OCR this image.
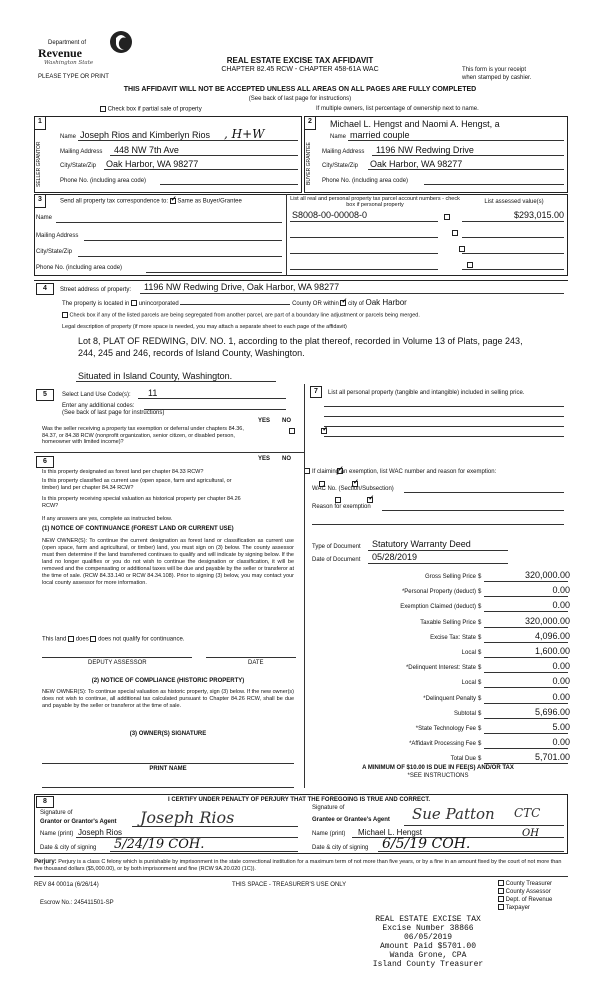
Department of
Revenue
Washington State
PLEASE TYPE OR PRINT
REAL ESTATE EXCISE TAX AFFIDAVIT
CHAPTER 82.45 RCW - CHAPTER 458-61A WAC	This form is your receipt
when stamped by cashier.
THIS AFFIDAVIT WILL NOT BE ACCEPTED UNLESS ALL AREAS ON ALL PAGES ARE FULLY COMPLETED
(See back of last page for instructions)
Check box if partial sale of property	If multiple owners, list percentage of ownership next to name.
1
SELLER GRANTOR
Name Joseph Rios and Kimberlyn Rios , H+W
Mailing Address 448 NW 7th Ave
City/State/Zip Oak Harbor, WA 98277
Phone No. (including area code)
2
BUYER GRANTEE
Michael L. Hengst and Naomi A. Hengst, a
Name married couple
Mailing Address 1196 NW Redwing Drive
City/State/Zip Oak Harbor, WA 98277
Phone No. (including area code)
3	Send all property tax correspondence to: ✓ Same as Buyer/Grantee
Name
Mailing Address
City/State/Zip
Phone No. (including area code)
List all real and personal property tax parcel account numbers - check box if personal property	List assessed value(s)
S8008-00-00008-0	$293,015.00

4	Street address of property: 1196 NW Redwing Drive, Oak Harbor, WA 98277
The property is located in unincorporated	County OR within ✓ city of Oak Harbor
Check box if any of the listed parcels are being segregated from another parcel, are part of a boundary line adjustment or parcels being merged.
Legal description of property (if more space is needed, you may attach a separate sheet to each page of the affidavit)
Lot 8, PLAT OF REDWING, DIV. NO. 1, according to the plat thereof, recorded in Volume 13 of Plats, page 243,
244, 245 and 246, records of Island County, Washington.
Situated in Island County, Washington.
5	Select Land Use Code(s): 11
Enter any additional codes:
(See back of last page for instructions)
YES NO
Was the seller receiving a property tax exemption or deferral under chapters 84.36, 84.37, or 84.38 RCW (nonprofit organization, senior citizen, or disabled person, homeowner with limited income)?
✓
6	YES NO
Is this property designated as forest land per chapter 84.33 RCW?
✓
Is this property classified as current use (open space, farm and agricultural, or timber) land per chapter 84.34 RCW?
✓
Is this property receiving special valuation as historical property per chapter 84.26 RCW?
✓
If any answers are yes, complete as instructed below.
(1) NOTICE OF CONTINUANCE (FOREST LAND OR CURRENT USE)
NEW OWNER(S): To continue the current designation as forest land or classification as current use (open space, farm and agricultural, or timber) land, you must sign on (3) below. The county assessor must then determine if the land transferred continues to qualify and will indicate by signing below. If the land no longer qualifies or you do not wish to continue the designation or classification, it will be removed and the compensating or additional taxes will be due and payable by the seller or transferor at the time of sale. (RCW 84.33.140 or RCW 84.34.108). Prior to signing (3) below, you may contact your local county assessor for more information.
This land does does not qualify for continuance.
DEPUTY ASSESSOR	DATE
(2) NOTICE OF COMPLIANCE (HISTORIC PROPERTY)
NEW OWNER(S): To continue special valuation as historic property, sign (3) below. If the new owner(s) does not wish to continue, all additional tax calculated pursuant to Chapter 84.26 RCW, shall be due and payable by the seller or transferor at the time of sale.
(3) OWNER(S) SIGNATURE
PRINT NAME
7	List all personal property (tangible and intangible) included in selling price.
If claiming an exemption, list WAC number and reason for exemption:
WAC No. (Section/Subsection)
Reason for exemption
Type of Document Statutory Warranty Deed
Date of Document 05/28/2019
Gross Selling Price $	320,000.00
*Personal Property (deduct) $	0.00
Exemption Claimed (deduct) $	0.00
Taxable Selling Price $	320,000.00
Excise Tax: State $	4,096.00
Local $	1,600.00
*Delinquent Interest: State $	0.00
Local $	0.00
*Delinquent Penalty $	0.00
Subtotal $	5,696.00
*State Technology Fee $	5.00
*Affidavit Processing Fee $	0.00
Total Due $	5,701.00
A MINIMUM OF $10.00 IS DUE IN FEE(S) AND/OR TAX
*SEE INSTRUCTIONS
8	I CERTIFY UNDER PENALTY OF PERJURY THAT THE FOREGOING IS TRUE AND CORRECT.
Signature of
Grantor or Grantor's Agent Joseph Rios
Name (print) Joseph Rios
Date & city of signing 5/24/19 COH.
Signature of
Grantee or Grantee's Agent Sue Patton CTC
Name (print) Michael L. Hengst	OH
Date & city of signing 6/5/19 COH.
Perjury: Perjury is a class C felony which is punishable by imprisonment in the state correctional institution for a maximum term of not more than five years, or by a fine in an amount fixed by the court of not more than five thousand dollars ($5,000.00), or by both imprisonment and fine (RCW 9A.20.020 (1C)).
REV 84 0001a (6/26/14)	THIS SPACE - TREASURER'S USE ONLY
Escrow No.: 245411501-SP
County Treasurer
County Assessor
Dept. of Revenue
Taxpayer
REAL ESTATE EXCISE TAX
Excise Number 38866
06/05/2019
Amount Paid $5701.00
Wanda Grone, CPA
Island County Treasurer
